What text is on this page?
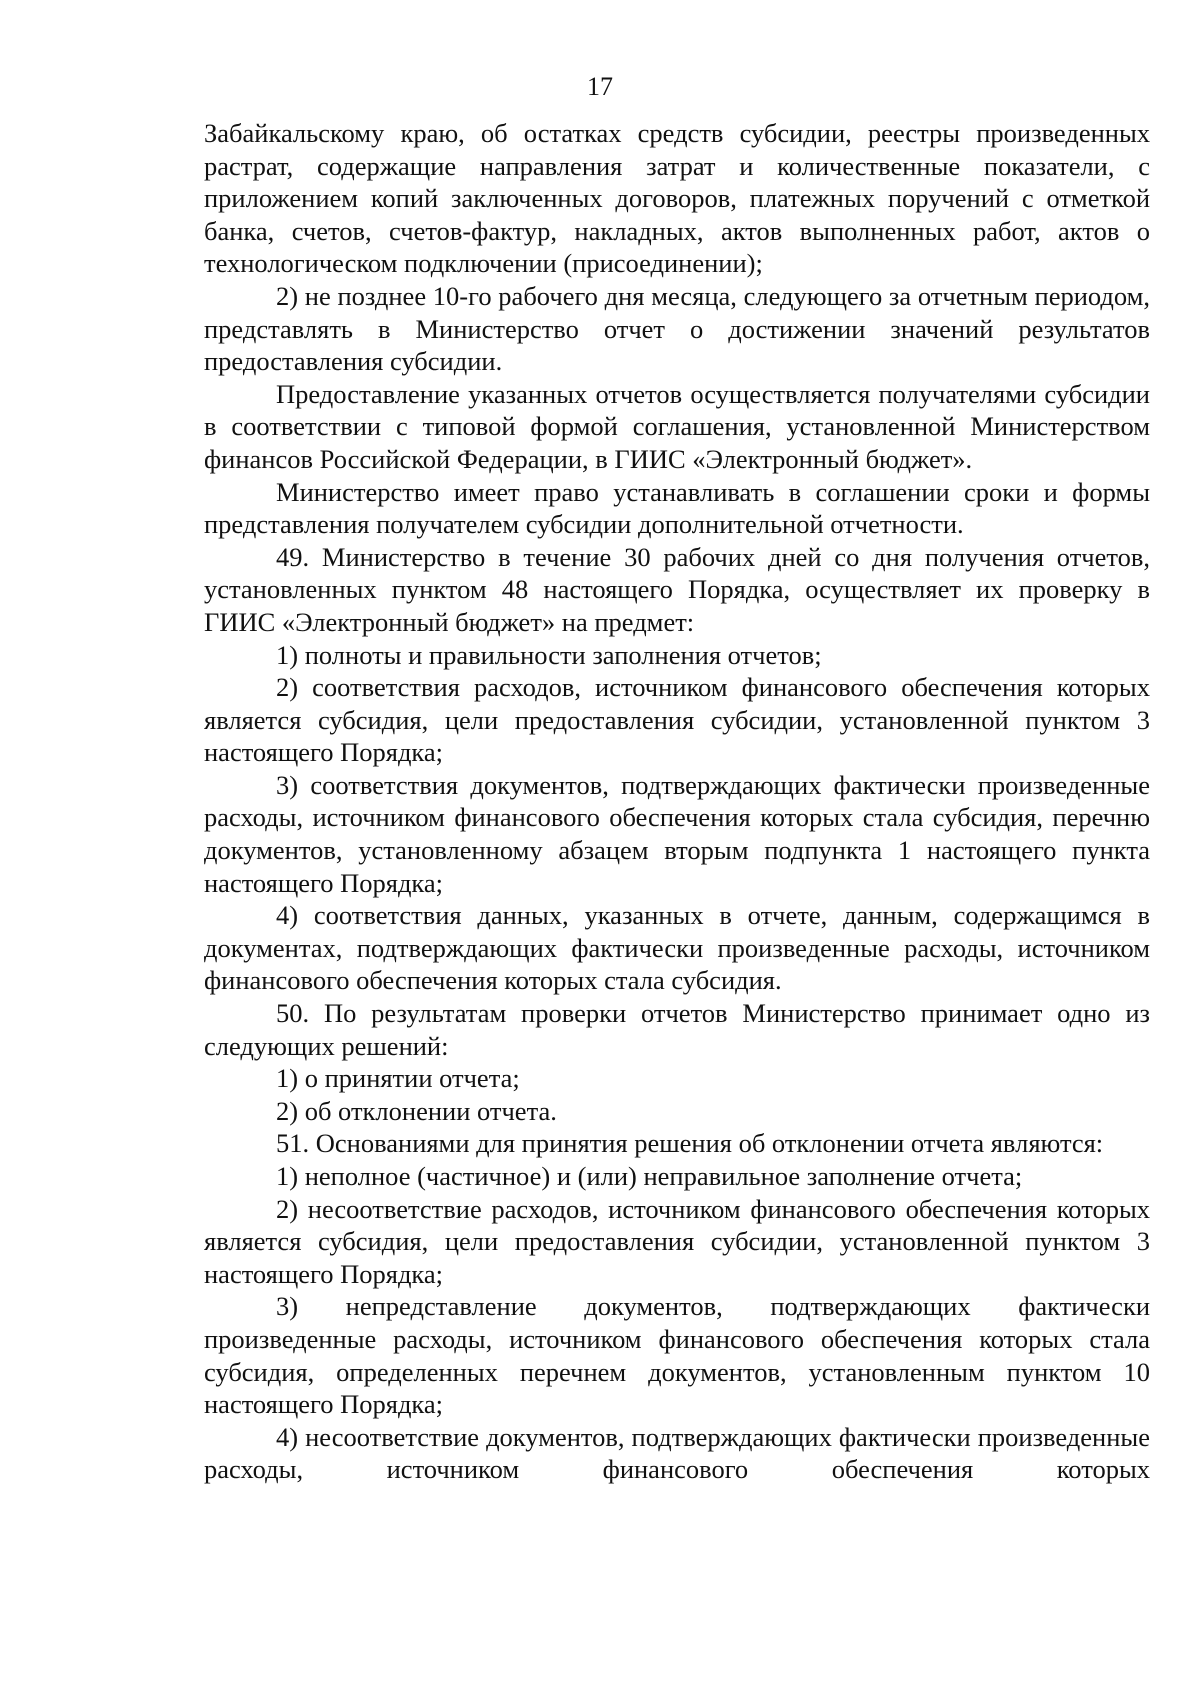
17

Забайкальскому краю, об остатках средств субсидии, реестры произведенных растрат, содержащие направления затрат и количественные показатели, с приложением копий заключенных договоров, платежных поручений с отметкой банка, счетов, счетов-фактур, накладных, актов выполненных работ, актов о технологическом подключении (присоединении);

2) не позднее 10-го рабочего дня месяца, следующего за отчетным периодом, представлять в Министерство отчет о достижении значений результатов предоставления субсидии.

Предоставление указанных отчетов осуществляется получателями субсидии в соответствии с типовой формой соглашения, установленной Министерством финансов Российской Федерации, в ГИИС «Электронный бюджет».

Министерство имеет право устанавливать в соглашении сроки и формы представления получателем субсидии дополнительной отчетности.

49. Министерство в течение 30 рабочих дней со дня получения отчетов, установленных пунктом 48 настоящего Порядка, осуществляет их проверку в ГИИС «Электронный бюджет» на предмет:

1) полноты и правильности заполнения отчетов;

2) соответствия расходов, источником финансового обеспечения которых является субсидия, цели предоставления субсидии, установленной пунктом 3 настоящего Порядка;

3) соответствия документов, подтверждающих фактически произведенные расходы, источником финансового обеспечения которых стала субсидия, перечню документов, установленному абзацем вторым подпункта 1 настоящего пункта настоящего Порядка;

4) соответствия данных, указанных в отчете, данным, содержащимся в документах, подтверждающих фактически произведенные расходы, источником финансового обеспечения которых стала субсидия.

50. По результатам проверки отчетов Министерство принимает одно из следующих решений:

1) о принятии отчета;

2) об отклонении отчета.

51. Основаниями для принятия решения об отклонении отчета являются:

1) неполное (частичное) и (или) неправильное заполнение отчета;

2) несоответствие расходов, источником финансового обеспечения которых является субсидия, цели предоставления субсидии, установленной пунктом 3 настоящего Порядка;

3) непредставление документов, подтверждающих фактически произведенные расходы, источником финансового обеспечения которых стала субсидия, определенных перечнем документов, установленным пунктом 10 настоящего Порядка;

4) несоответствие документов, подтверждающих фактически произведенные расходы, источником финансового обеспечения которых
